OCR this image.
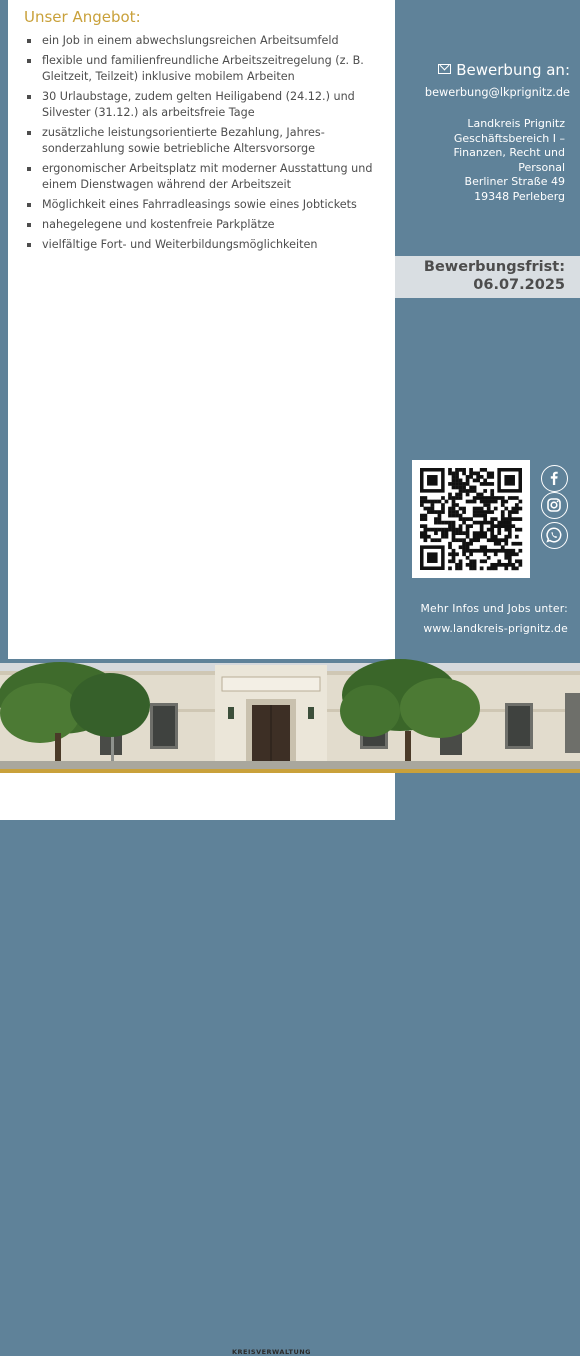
Unser Angebot:
ein Job in einem abwechslungsreichen Arbeitsumfeld
flexible und familienfreundliche Arbeitszeitregelung (z. B. Gleitzeit, Teilzeit) inklusive mobilem Arbeiten
30 Urlaubstage, zudem gelten Heiligabend (24.12.) und Silvester (31.12.) als arbeitsfreie Tage
zusätzliche leistungsorientierte Bezahlung, Jahres-sonderzahlung sowie betriebliche Altersvorsorge
ergonomischer Arbeitsplatz mit moderner Ausstattung und einem Dienstwagen während der Arbeitszeit
Möglichkeit eines Fahrradleasings sowie eines Jobtickets
nahegelegene und kostenfreie Parkplätze
vielfältige Fort- und Weiterbildungsmöglichkeiten
Bewerbung an:
bewerbung@lkprignitz.de
Landkreis Prignitz
Geschäftsbereich I –
Finanzen, Recht und
Personal
Berliner Straße 49
19348 Perleberg
Bewerbungsfrist:
06.07.2025
Mehr Infos und Jobs unter:
www.landkreis-prignitz.de
KREISVERWALTUNG
